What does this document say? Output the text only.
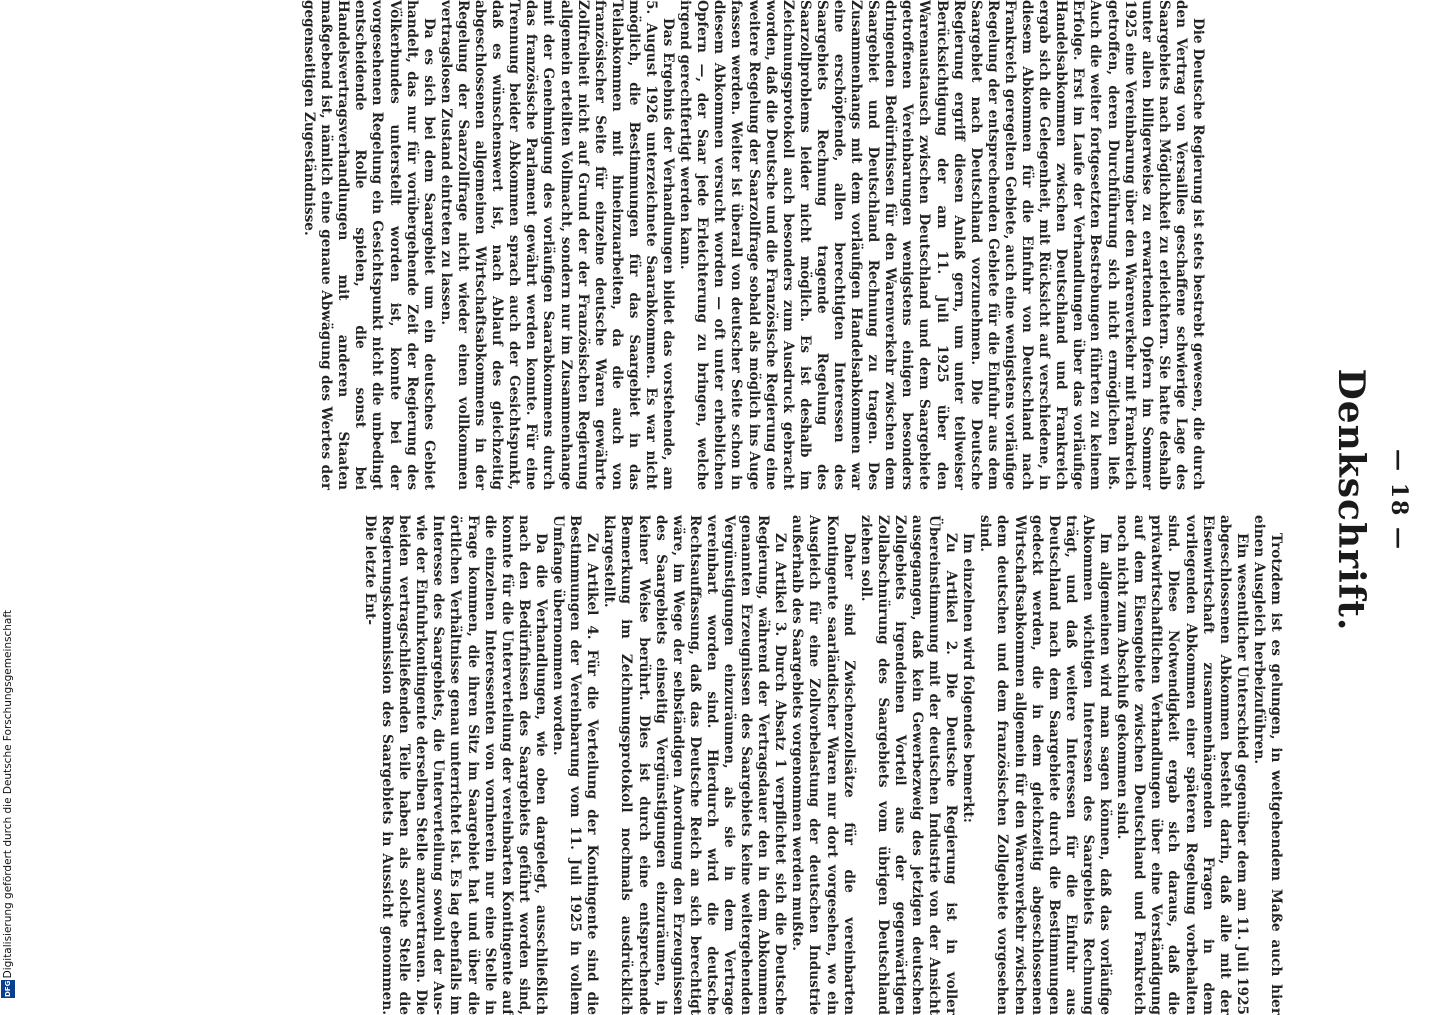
— 18 —
Denkschrift.

Trotzdem ist es gelungen, in weitgehendem Maße auch hier einen Ausgleich herbeizuführen.

Ein wesentlicher Unterschied gegenüber dem am 11. Juli 1925 abgeschlossenen Abkommen besteht darin, daß alle mit der Eisenwirtschaft zusammenhängenden Fragen in dem vorliegenden Abkommen einer späteren Regelung vorbehalten sind. Diese Notwendigkeit ergab sich daraus, daß die privatwirtschaftlichen Verhandlungen über eine Verständigung auf dem Eisengebiete zwischen Deutschland und Frankreich noch nicht zum Abschluß gekommen sind.

Im allgemeinen wird man sagen können, daß das vorläufige Abkommen wichtigen Interessen des Saargebiets Rechnung trägt, und daß weitere Interessen für die Einfuhr aus Deutschland nach dem Saargebiete durch die Bestimmungen gedeckt werden, die in dem gleichzeitig abgeschlossenen Wirtschaftsabkommen allgemein für den Warenverkehr zwischen dem deutschen und dem französischen Zollgebiete vorgesehen sind.

Im einzelnen wird folgendes bemerkt:

Zu Artikel 2. Die Deutsche Regierung ist in voller Übereinstimmung mit der deutschen Industrie von der Ansicht ausgegangen, daß kein Gewerbezweig des jetzigen deutschen Zollgebiets irgendeinen Vorteil aus der gegenwärtigen Zollabschnürung des Saargebiets vom übrigen Deutschland ziehen soll.

Daher sind Zwischenzollsätze für die vereinbarten Kontingente saarländischer Waren nur dort vorgesehen, wo ein Ausgleich für eine Zollvorbelastung der deutschen Industrie außerhalb des Saargebiets vorgenommen werden mußte.

Zu Artikel 3. Durch Absatz 1 verpflichtet sich die Deutsche Regierung, während der Vertragsdauer den in dem Abkommen genannten Erzeugnissen des Saargebiets keine weitergehenden Vergünstigungen einzuräumen, als sie in dem Vertrage vereinbart worden sind. Hierdurch wird die deutsche Rechtsauffassung, daß das Deutsche Reich an sich berechtigt wäre, im Wege der selbständigen Anordnung den Erzeugnissen des Saargebiets einseitig Vergünstigungen einzuräumen, in keiner Weise berührt. Dies ist durch eine entsprechende Bemerkung im Zeichnungsprotokoll nochmals ausdrücklich klargestellt.

Zu Artikel 4. Für die Verteilung der Kontingente sind die Bestimmungen der Vereinbarung vom 11. Juli 1925 in vollem Umfange übernommen worden.

Da die Verhandlungen, wie oben dargelegt, ausschließlich nach den Bedürfnissen des Saargebiets geführt worden sind, konnte für die Unterverteilung der vereinbarten Kontingente auf die einzelnen Interessenten von vornherein nur eine Stelle in Frage kommen, die ihren Sitz im Saargebiet hat und über die örtlichen Verhältnisse genau unterrichtet ist. Es lag ebenfalls im Interesse des Saargebiets, die Unterverteilung sowohl der Aus- wie der Einfuhrkontingente derselben Stelle anzuvertrauen. Die beiden vertragschließenden Teile haben als solche Stelle die Regierungskommission des Saargebiets in Aussicht genommen. Die letzte Ent-

Die Deutsche Regierung ist stets bestrebt gewesen, die durch den Vertrag von Versailles geschaffene schwierige Lage des Saargebiets nach Möglichkeit zu erleichtern. Sie hatte deshalb unter allen billigerweise zu erwartenden Opfern im Sommer 1925 eine Vereinbarung über den Warenverkehr mit Frankreich getroffen, deren Durchführung sich nicht ermöglichen ließ. Auch die weiter fortgesetzten Bestrebungen führten zu keinem Erfolge. Erst im Laufe der Verhandlungen über das vorläufige Handelsabkommen zwischen Deutschland und Frankreich ergab sich die Gelegenheit, mit Rücksicht auf verschiedene, in diesem Abkommen für die Einfuhr von Deutschland nach Frankreich geregelten Gebiete, auch eine wenigstens vorläufige Regelung der entsprechenden Gebiete für die Einfuhr aus dem Saargebiet nach Deutschland vorzunehmen. Die Deutsche Regierung ergriff diesen Anlaß gern, um unter teilweiser Berücksichtigung der am 11. Juli 1925 über den Warenaustausch zwischen Deutschland und dem Saargebiete getroffenen Vereinbarungen wenigstens einigen besonders dringenden Bedürfnissen für den Warenverkehr zwischen dem Saargebiet und Deutschland Rechnung zu tragen. Des Zusammenhangs mit dem vorläufigen Handelsabkommen war eine erschöpfende, allen berechtigten Interessen des Saargebiets Rechnung tragende Regelung des Saarzollproblems leider nicht möglich. Es ist deshalb im Zeichnungsprotokoll auch besonders zum Ausdruck gebracht worden, daß die Deutsche und die Französische Regierung eine weitere Regelung der Saarzollfrage sobald als möglich ins Auge fassen werden. Weiter ist überall von deutscher Seite schon in diesem Abkommen versucht worden — oft unter erheblichen Opfern —, der Saar jede Erleichterung zu bringen, welche irgend gerechtfertigt werden kann.

Das Ergebnis der Verhandlungen bildet das vorstehende, am 5. August 1926 unterzeichnete Saarabkommen. Es war nicht möglich, die Bestimmungen für das Saargebiet in das Teilabkommen mit hineinzuarbeiten, da die auch von französischer Seite für einzelne deutsche Waren gewährte Zollfreiheit nicht auf Grund der der Französischen Regierung allgemein erteilten Vollmacht, sondern nur im Zusammenhange mit der Genehmigung des vorläufigen Saarabkommens durch das französische Parlament gewährt werden konnte. Für eine Trennung beider Abkommen sprach auch der Gesichtspunkt, daß es wünschenswert ist, nach Ablauf des gleichzeitig abgeschlossenen allgemeinen Wirtschaftsabkommens in der Regelung der Saarzollfrage nicht wieder einen vollkommen vertragslosen Zustand eintreten zu lassen.

Da es sich bei dem Saargebiet um ein deutsches Gebiet handelt, das nur für vorübergehende Zeit der Regierung des Völkerbundes unterstellt worden ist, konnte bei der vorgesehenen Regelung ein Gesichtspunkt nicht die unbedingt entscheidende Rolle spielen, die sonst bei Handelsvertragsverhandlungen mit anderen Staaten maßgebend ist, nämlich eine genaue Abwägung des Wertes der gegenseitigen Zugeständnisse.

Digitalisierung gefördert durch die Deutsche Forschungsgemeinschaft
DFG
